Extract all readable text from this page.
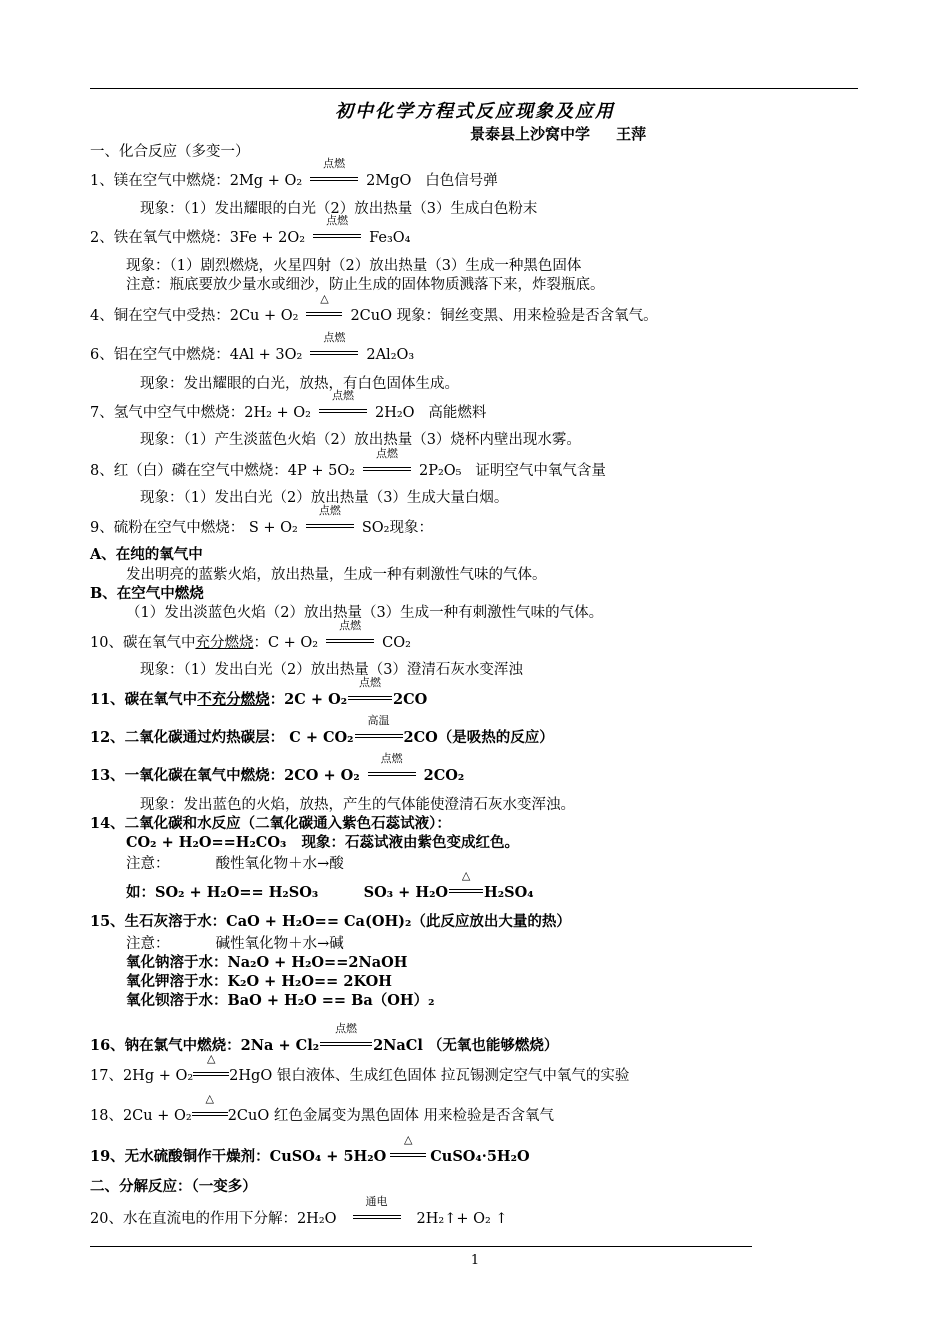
初中化学方程式反应现象及应用
景泰县上沙窝中学     王萍
一、化合反应（多变一）
1、镁在空气中燃烧：2Mg + O₂
点燃
2MgO   白色信号弹
现象：（1）发出耀眼的白光（2）放出热量（3）生成白色粉末
2、铁在氧气中燃烧：3Fe + 2O₂
点燃
Fe₃O₄
现象：（1）剧烈燃烧，火星四射（2）放出热量（3）生成一种黑色固体
注意：瓶底要放少量水或细沙，防止生成的固体物质溅落下来，炸裂瓶底。
4、铜在空气中受热：2Cu + O₂
△
2CuO 现象：铜丝变黑、用来检验是否含氧气。
6、铝在空气中燃烧：4Al + 3O₂
点燃
2Al₂O₃
现象：发出耀眼的白光，放热，有白色固体生成。
7、氢气中空气中燃烧：2H₂ + O₂
点燃
2H₂O   高能燃料
现象：（1）产生淡蓝色火焰（2）放出热量（3）烧杯内壁出现水雾。
8、红（白）磷在空气中燃烧：4P + 5O₂
点燃
2P₂O₅   证明空气中氧气含量
现象：（1）发出白光（2）放出热量（3）生成大量白烟。
9、硫粉在空气中燃烧： S + O₂
点燃
SO₂现象：
A、在纯的氧气中
发出明亮的蓝紫火焰，放出热量，生成一种有刺激性气味的气体。
B、在空气中燃烧
（1）发出淡蓝色火焰（2）放出热量（3）生成一种有刺激性气味的气体。
10、碳在氧气中充分燃烧：C + O₂
点燃
CO₂
现象：（1）发出白光（2）放出热量（3）澄清石灰水变浑浊
11、碳在氧气中不充分燃烧：2C + O₂
点燃
2CO
12、二氧化碳通过灼热碳层： C + CO₂
高温
2CO（是吸热的反应）
13、一氧化碳在氧气中燃烧：2CO + O₂
点燃
2CO₂
现象：发出蓝色的火焰，放热，产生的气体能使澄清石灰水变浑浊。
14、二氧化碳和水反应（二氧化碳通入紫色石蕊试液）：
CO₂ + H₂O==H₂CO₃   现象：石蕊试液由紫色变成红色。
注意：          酸性氧化物＋水→酸
如：SO₂ + H₂O== H₂SO₃         SO₃ + H₂O
△
H₂SO₄
15、生石灰溶于水：CaO + H₂O== Ca(OH)₂（此反应放出大量的热）
注意：          碱性氧化物＋水→碱
氧化钠溶于水：Na₂O + H₂O==2NaOH
氧化钾溶于水：K₂O + H₂O== 2KOH
氧化钡溶于水：BaO + H₂O == Ba（OH）₂
16、钠在氯气中燃烧：2Na + Cl₂
点燃
2NaCl （无氧也能够燃烧）
17、2Hg + O₂
△
2HgO 银白液体、生成红色固体 拉瓦锡测定空气中氧气的实验
18、2Cu + O₂
△
2CuO 红色金属变为黑色固体 用来检验是否含氧气
19、无水硫酸铜作干燥剂：CuSO₄ + 5H₂O
△
CuSO₄·5H₂O
二、分解反应：（一变多）
20、水在直流电的作用下分解：2H₂O
通电
2H₂↑+ O₂ ↑
1
